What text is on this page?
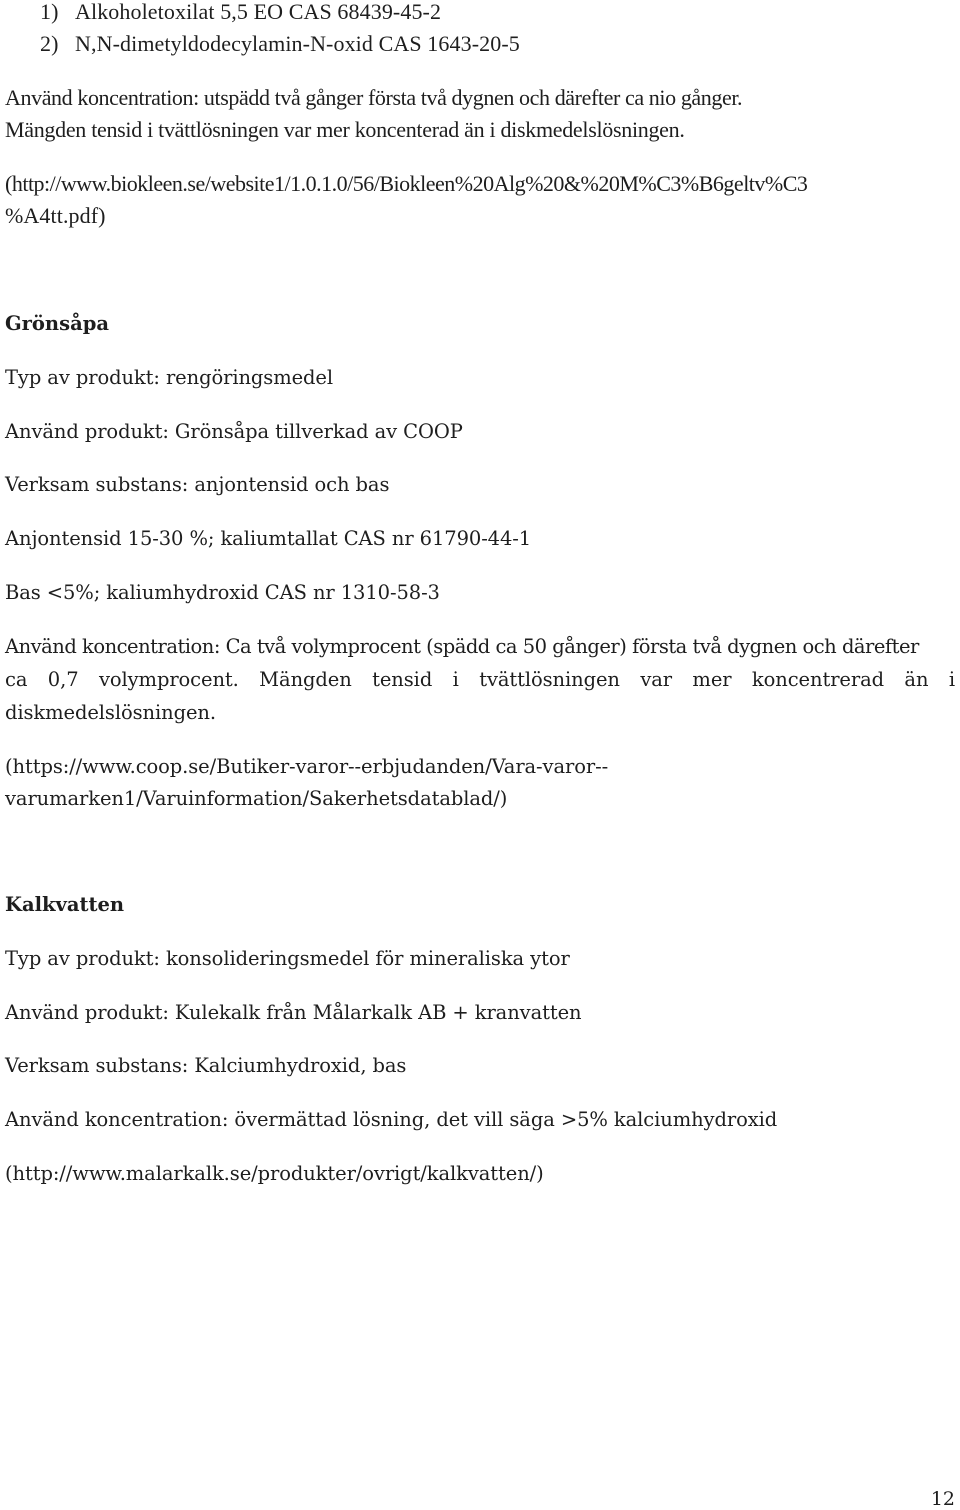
1) Alkoholetoxilat 5,5 EO CAS 68439-45-2
2) N,N-dimetyldodecylamin-N-oxid CAS 1643-20-5
Använd koncentration: utspädd två gånger första två dygnen och därefter ca nio gånger.
Mängden tensid i tvättlösningen var mer koncenterad än i diskmedelslösningen.
(http://www.biokleen.se/website1/1.0.1.0/56/Biokleen%20Alg%20&%20M%C3%B6geltv%C3
%A4tt.pdf)
Grönsåpa
Typ av produkt: rengöringsmedel
Använd produkt: Grönsåpa tillverkad av COOP
Verksam substans: anjontensid och bas
Anjontensid 15-30 %; kaliumtallat CAS nr 61790-44-1
Bas <5%; kaliumhydroxid CAS nr 1310-58-3
Använd koncentration: Ca två volymprocent (spädd ca 50 gånger) första två dygnen och därefter
ca 0,7 volymprocent. Mängden tensid i tvättlösningen var mer koncentrerad än i
diskmedelslösningen.
(https://www.coop.se/Butiker-varor--erbjudanden/Vara-varor--
varumarken1/Varuinformation/Sakerhetsdatablad/)
Kalkvatten
Typ av produkt: konsolideringsmedel för mineraliska ytor
Använd produkt: Kulekalk från Målarkalk AB + kranvatten
Verksam substans: Kalciumhydroxid, bas
Använd koncentration: övermättad lösning, det vill säga >5% kalciumhydroxid
(http://www.malarkalk.se/produkter/ovrigt/kalkvatten/)
12
